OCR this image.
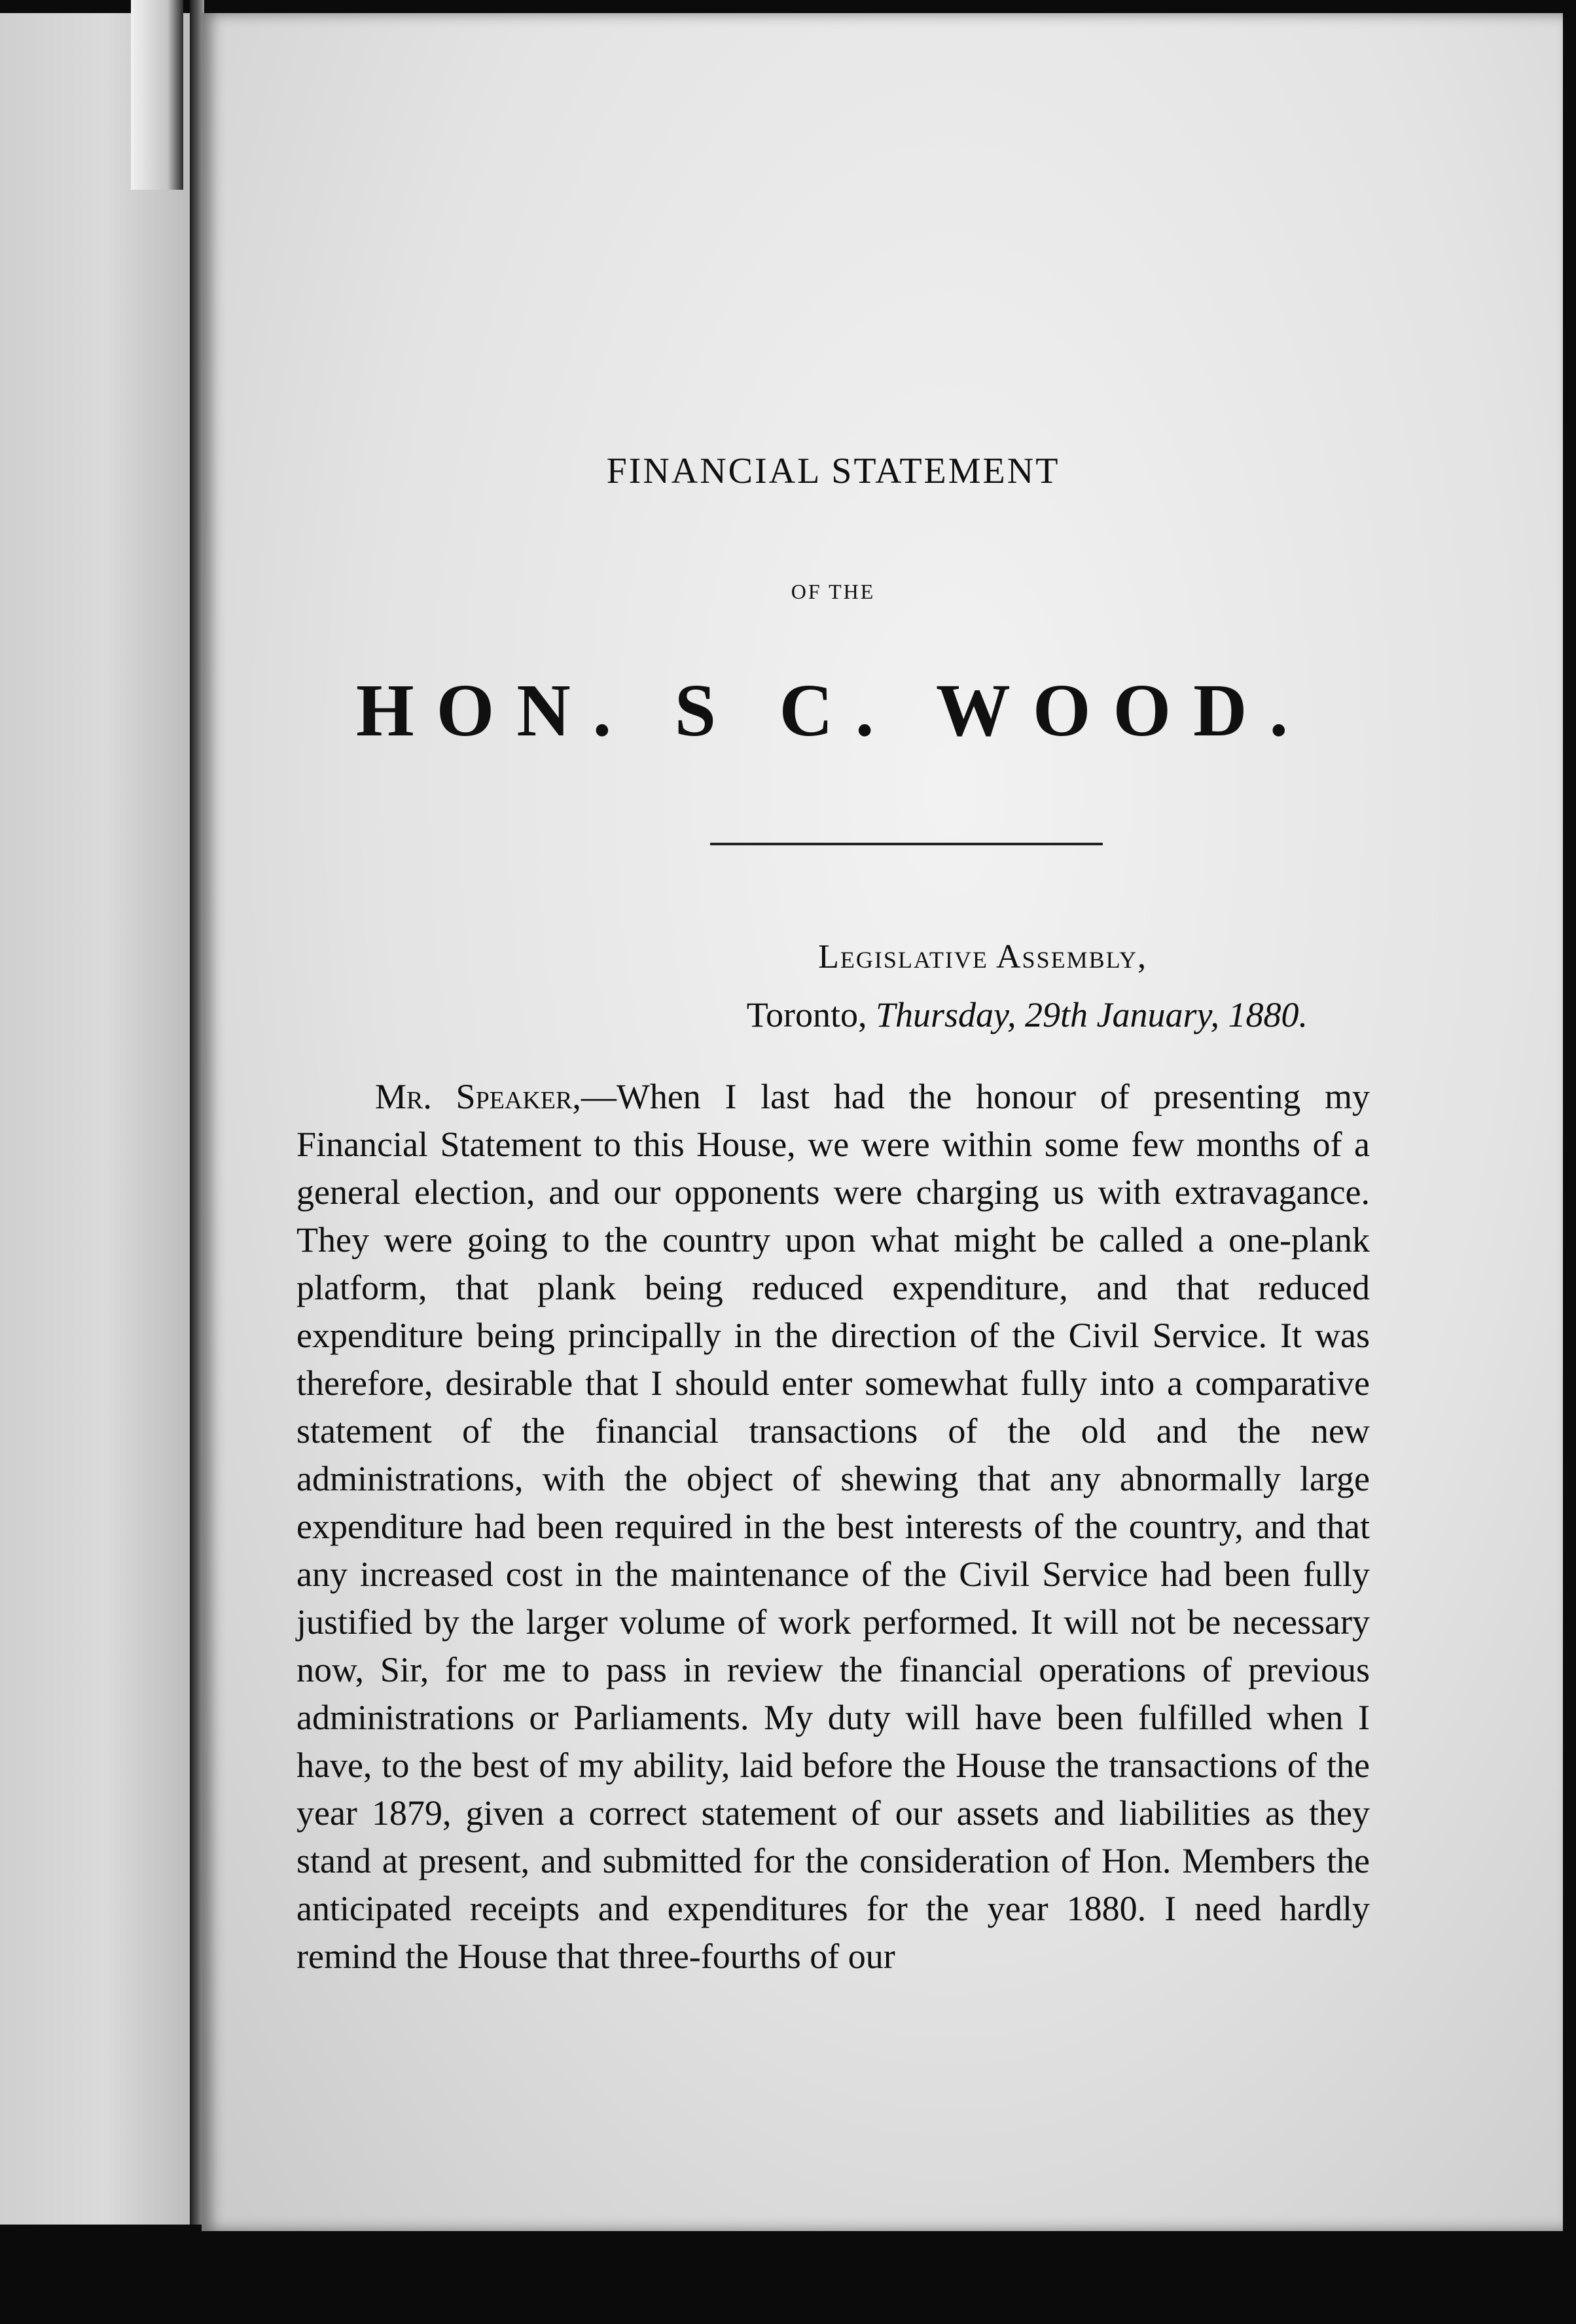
FINANCIAL STATEMENT
OF THE
HON. S C. WOOD.
Legislative Assembly,
Toronto, Thursday, 29th January, 1880.

Mr. Speaker,—When I last had the honour of presenting my Financial Statement to this House, we were within some few months of a general election, and our opponents were charging us with extravagance. They were going to the country upon what might be called a one-plank platform, that plank being reduced expenditure, and that reduced expenditure being principally in the direction of the Civil Service. It was therefore, desirable that I should enter somewhat fully into a comparative statement of the financial transactions of the old and the new administrations, with the object of shewing that any abnormally large expenditure had been required in the best interests of the country, and that any increased cost in the maintenance of the Civil Service had been fully justified by the larger volume of work performed. It will not be necessary now, Sir, for me to pass in review the financial operations of previous administrations or Parliaments. My duty will have been fulfilled when I have, to the best of my ability, laid before the House the transactions of the year 1879, given a correct statement of our assets and liabilities as they stand at present, and submitted for the consideration of Hon. Members the anticipated receipts and expenditures for the year 1880. I need hardly remind the House that three-fourths of our
